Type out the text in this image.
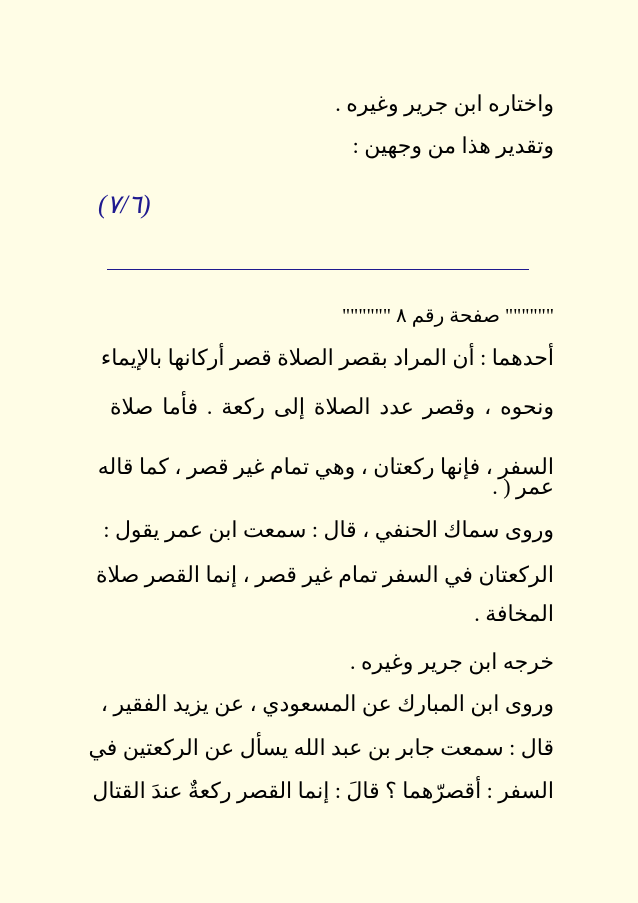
واختاره ابن جرير وغيره .
وتقدير هذا من وجهين :
(٧/٦)
"""""" صفحة رقم ٨ """"""
أحدهما : أن المراد بقصر الصلاة قصر أركانها بالإيماء
ونحوه ، وقصر عدد الصلاة إلى ركعة . فأما صلاة
السفر ، فإنها ركعتان ، وهي تمام غير قصر ، كما قاله
عمر ( .
وروى سماك الحنفي ، قال : سمعت ابن عمر يقول :
الركعتان في السفر تمام غير قصر ، إنما القصر صلاة
المخافة .
خرجه ابن جرير وغيره .
وروى ابن المبارك عن المسعودي ، عن يزيد الفقير ،
قال : سمعت جابر بن عبد الله يسأل عن الركعتين في
السفر : أقصرّهما ؟ قالَ : إنما القصر ركعةٌ عندَ القتال
